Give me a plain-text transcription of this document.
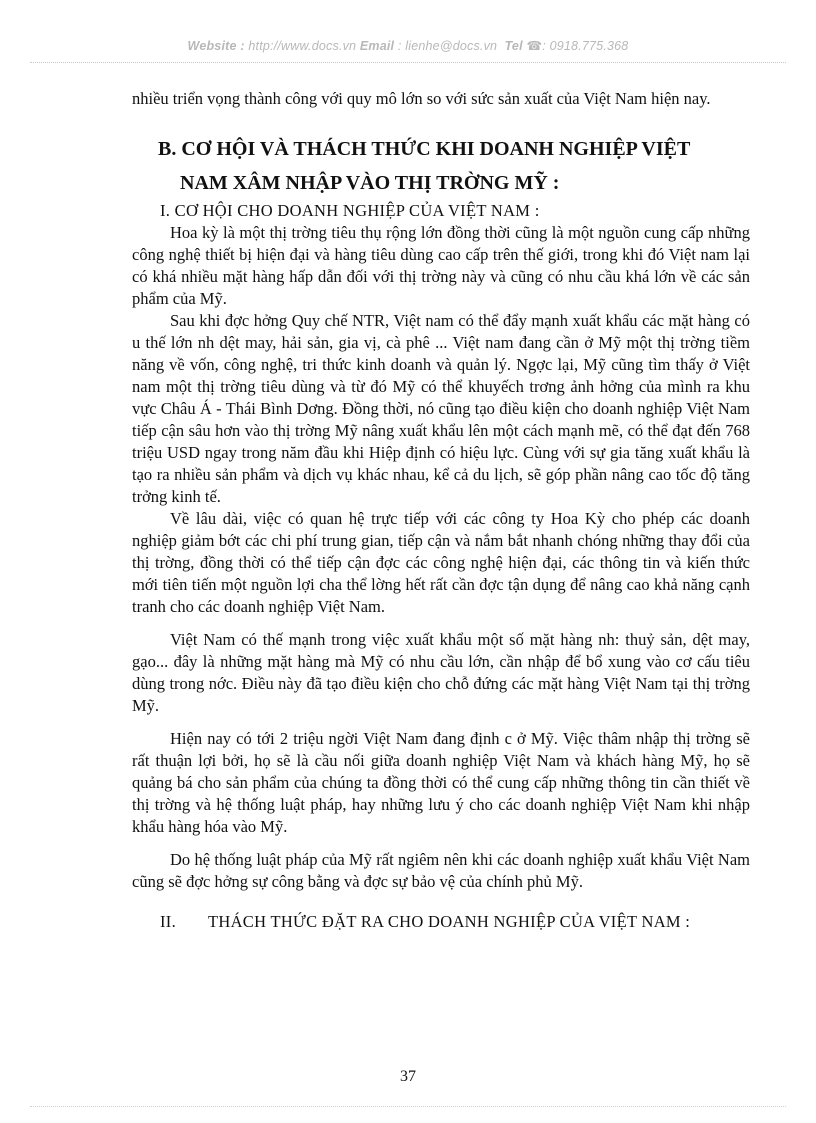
Website : http://www.docs.vn Email : lienhe@docs.vn Tel ☎: 0918.775.368

nhiều triển vọng thành công với quy mô lớn so với sức sản xuất của Việt Nam hiện nay.

B. CƠ HỘI VÀ THÁCH THỨC KHI DOANH NGHIỆP VIỆT
NAM XÂM NHẬP VÀO THỊ TRỜNG MỸ :

I. CƠ HỘI CHO DOANH NGHIỆP CỦA VIỆT NAM :

Hoa kỳ là một thị trờng tiêu thụ rộng lớn đồng thời cũng là một nguồn cung cấp những công nghệ thiết bị hiện đại và hàng tiêu dùng cao cấp trên thế giới, trong khi đó Việt nam lại có khá nhiều mặt hàng hấp dẫn đối với thị trờng này và cũng có nhu cầu khá lớn về các sản phẩm của Mỹ.

Sau khi đợc hởng Quy chế NTR, Việt nam có thể đẩy mạnh xuất khẩu các mặt hàng có u thế lớn nh dệt may, hải sản, gia vị, cà phê ... Việt nam đang cần ở Mỹ một thị trờng tiềm năng về vốn, công nghệ, tri thức kinh doanh và quản lý. Ngợc lại, Mỹ cũng tìm thấy ở Việt nam một thị trờng tiêu dùng và từ đó Mỹ có thể khuyếch trơng ảnh hởng của mình ra khu vực Châu Á - Thái Bình Dơng. Đồng thời, nó cũng tạo điều kiện cho doanh nghiệp Việt Nam tiếp cận sâu hơn vào thị trờng Mỹ nâng xuất khẩu lên một cách mạnh mẽ, có thể đạt đến 768 triệu USD ngay trong năm đầu khi Hiệp định có hiệu lực. Cùng với sự gia tăng xuất khẩu là tạo ra nhiều sản phẩm và dịch vụ khác nhau, kể cả du lịch, sẽ góp phần nâng cao tốc độ tăng trởng kinh tế.

Về lâu dài, việc có quan hệ trực tiếp với các công ty Hoa Kỳ cho phép các doanh nghiệp giảm bớt các chi phí trung gian, tiếp cận và nắm bắt nhanh chóng những thay đổi của thị trờng, đồng thời có thể tiếp cận đợc các công nghệ hiện đại, các thông tin và kiến thức mới tiên tiến một nguồn lợi cha thể lờng hết rất cần đợc tận dụng để nâng cao khả năng cạnh tranh cho các doanh nghiệp Việt Nam.

Việt Nam có thế mạnh trong việc xuất khẩu một số mặt hàng nh: thuỷ sản, dệt may, gạo... đây là những mặt hàng mà Mỹ có nhu cầu lớn, cần nhập để bổ xung vào cơ cấu tiêu dùng trong nớc. Điều này đã tạo điều kiện cho chỗ đứng các mặt hàng Việt Nam tại thị trờng Mỹ.

Hiện nay có tới 2 triệu ngời Việt Nam đang định c ở Mỹ. Việc thâm nhập thị trờng sẽ rất thuận lợi bởi, họ sẽ là cầu nối giữa doanh nghiệp Việt Nam và khách hàng Mỹ, họ sẽ quảng bá cho sản phẩm của chúng ta đồng thời có thể cung cấp những thông tin cần thiết về thị trờng và hệ thống luật pháp, hay những lưu ý cho các doanh nghiệp Việt Nam khi nhập khẩu hàng hóa vào Mỹ.

Do hệ thống luật pháp của Mỹ rất ngiêm nên khi các doanh nghiệp xuất khẩu Việt Nam cũng sẽ đợc hởng sự công bằng và đợc sự bảo vệ của chính phủ Mỹ.

II. THÁCH THỨC ĐẶT RA CHO DOANH NGHIỆP CỦA VIỆT NAM :

37
